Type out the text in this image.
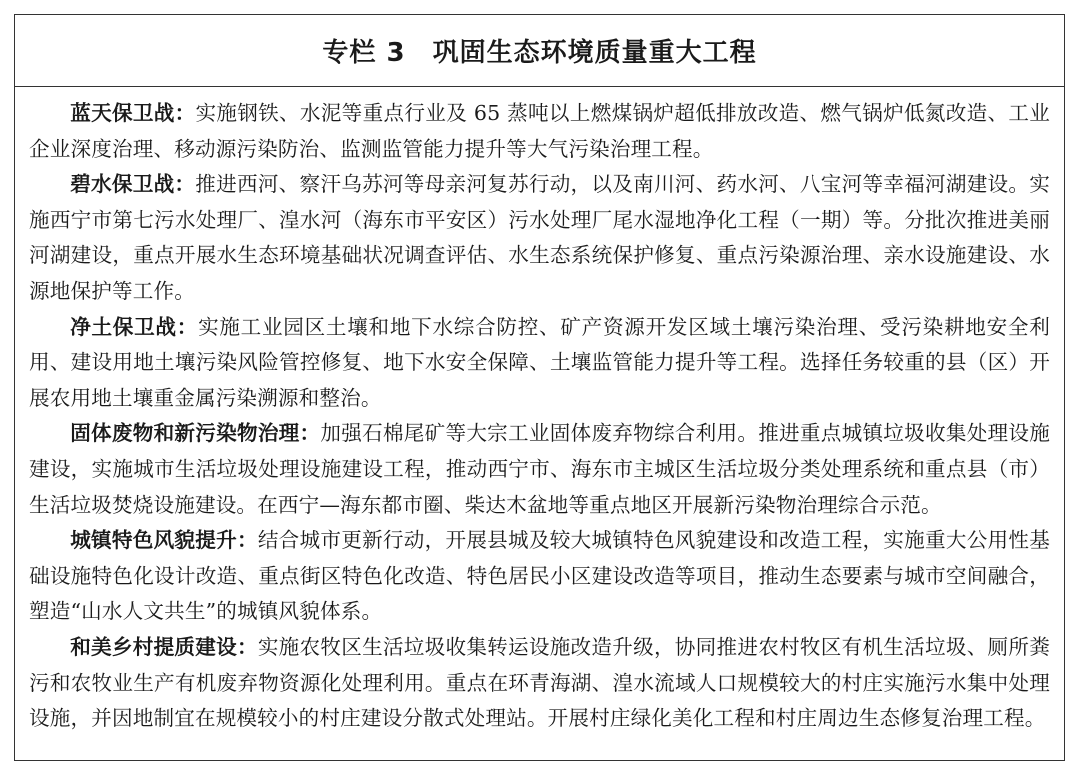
专栏 3　巩固生态环境质量重大工程

蓝天保卫战：实施钢铁、水泥等重点行业及 65 蒸吨以上燃煤锅炉超低排放改造、燃气锅炉低氮改造、工业企业深度治理、移动源污染防治、监测监管能力提升等大气污染治理工程。

碧水保卫战：推进西河、察汗乌苏河等母亲河复苏行动，以及南川河、药水河、八宝河等幸福河湖建设。实施西宁市第七污水处理厂、湟水河（海东市平安区）污水处理厂尾水湿地净化工程（一期）等。分批次推进美丽河湖建设，重点开展水生态环境基础状况调查评估、水生态系统保护修复、重点污染源治理、亲水设施建设、水源地保护等工作。

净土保卫战：实施工业园区土壤和地下水综合防控、矿产资源开发区域土壤污染治理、受污染耕地安全利用、建设用地土壤污染风险管控修复、地下水安全保障、土壤监管能力提升等工程。选择任务较重的县（区）开展农用地土壤重金属污染溯源和整治。

固体废物和新污染物治理：加强石棉尾矿等大宗工业固体废弃物综合利用。推进重点城镇垃圾收集处理设施建设，实施城市生活垃圾处理设施建设工程，推动西宁市、海东市主城区生活垃圾分类处理系统和重点县（市）生活垃圾焚烧设施建设。在西宁—海东都市圈、柴达木盆地等重点地区开展新污染物治理综合示范。

城镇特色风貌提升：结合城市更新行动，开展县城及较大城镇特色风貌建设和改造工程，实施重大公用性基础设施特色化设计改造、重点街区特色化改造、特色居民小区建设改造等项目，推动生态要素与城市空间融合，塑造“山水人文共生”的城镇风貌体系。

和美乡村提质建设：实施农牧区生活垃圾收集转运设施改造升级，协同推进农村牧区有机生活垃圾、厕所粪污和农牧业生产有机废弃物资源化处理利用。重点在环青海湖、湟水流域人口规模较大的村庄实施污水集中处理设施，并因地制宜在规模较小的村庄建设分散式处理站。开展村庄绿化美化工程和村庄周边生态修复治理工程。
